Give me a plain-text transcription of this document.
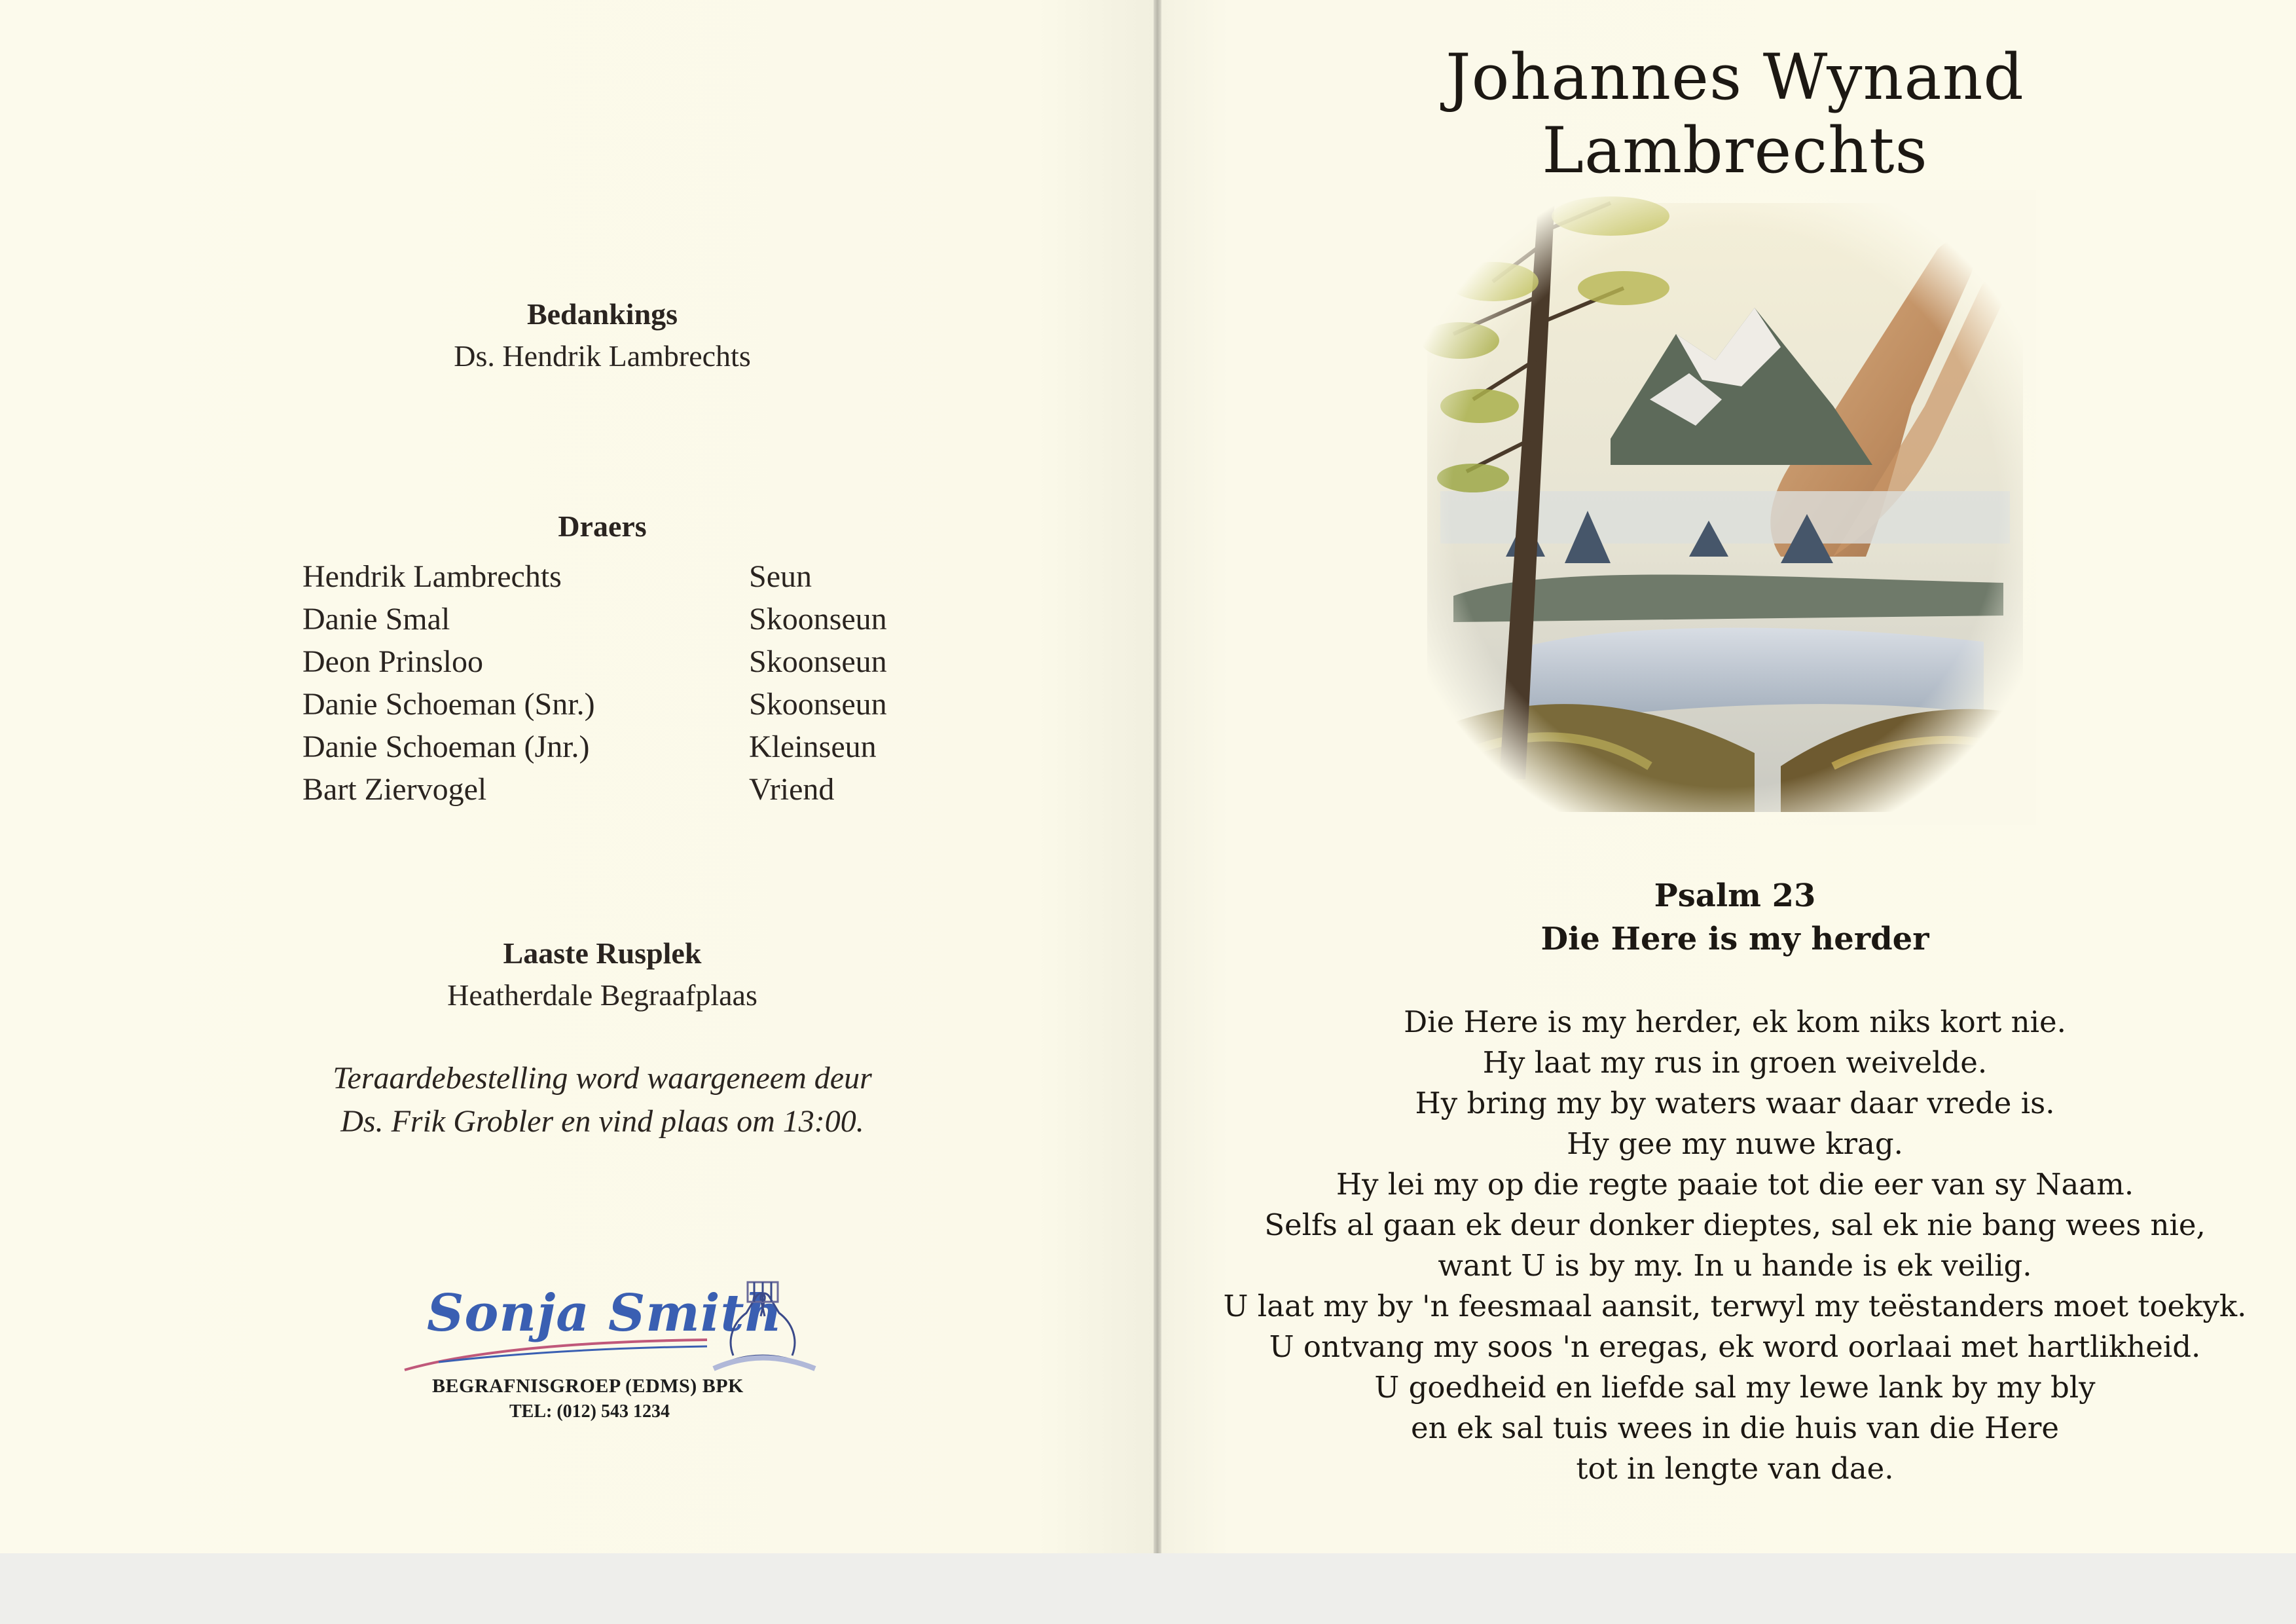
Bedankings
Ds. Hendrik Lambrechts
Draers
Hendrik Lambrechts	Seun
Danie Smal	Skoonseun
Deon Prinsloo	Skoonseun
Danie Schoeman (Snr.)	Skoonseun
Danie Schoeman (Jnr.)	Kleinseun
Bart Ziervogel	Vriend
Laaste Rusplek
Heatherdale Begraafplaas
Teraardebestelling word waargeneem deur
Ds. Frik Grobler en vind plaas om 13:00.
Sonja Smith
BEGRAFNISGROEP (EDMS) BPK
TEL: (012) 543 1234
Johannes Wynand Lambrechts
Psalm 23
Die Here is my herder
Die Here is my herder, ek kom niks kort nie.
Hy laat my rus in groen weivelde.
Hy bring my by waters waar daar vrede is.
Hy gee my nuwe krag.
Hy lei my op die regte paaie tot die eer van sy Naam.
Selfs al gaan ek deur donker dieptes, sal ek nie bang wees nie,
want U is by my. In u hande is ek veilig.
U laat my by 'n feesmaal aansit, terwyl my teëstanders moet toekyk.
U ontvang my soos 'n eregas, ek word oorlaai met hartlikheid.
U goedheid en liefde sal my lewe lank by my bly
en ek sal tuis wees in die huis van die Here
tot in lengte van dae.
